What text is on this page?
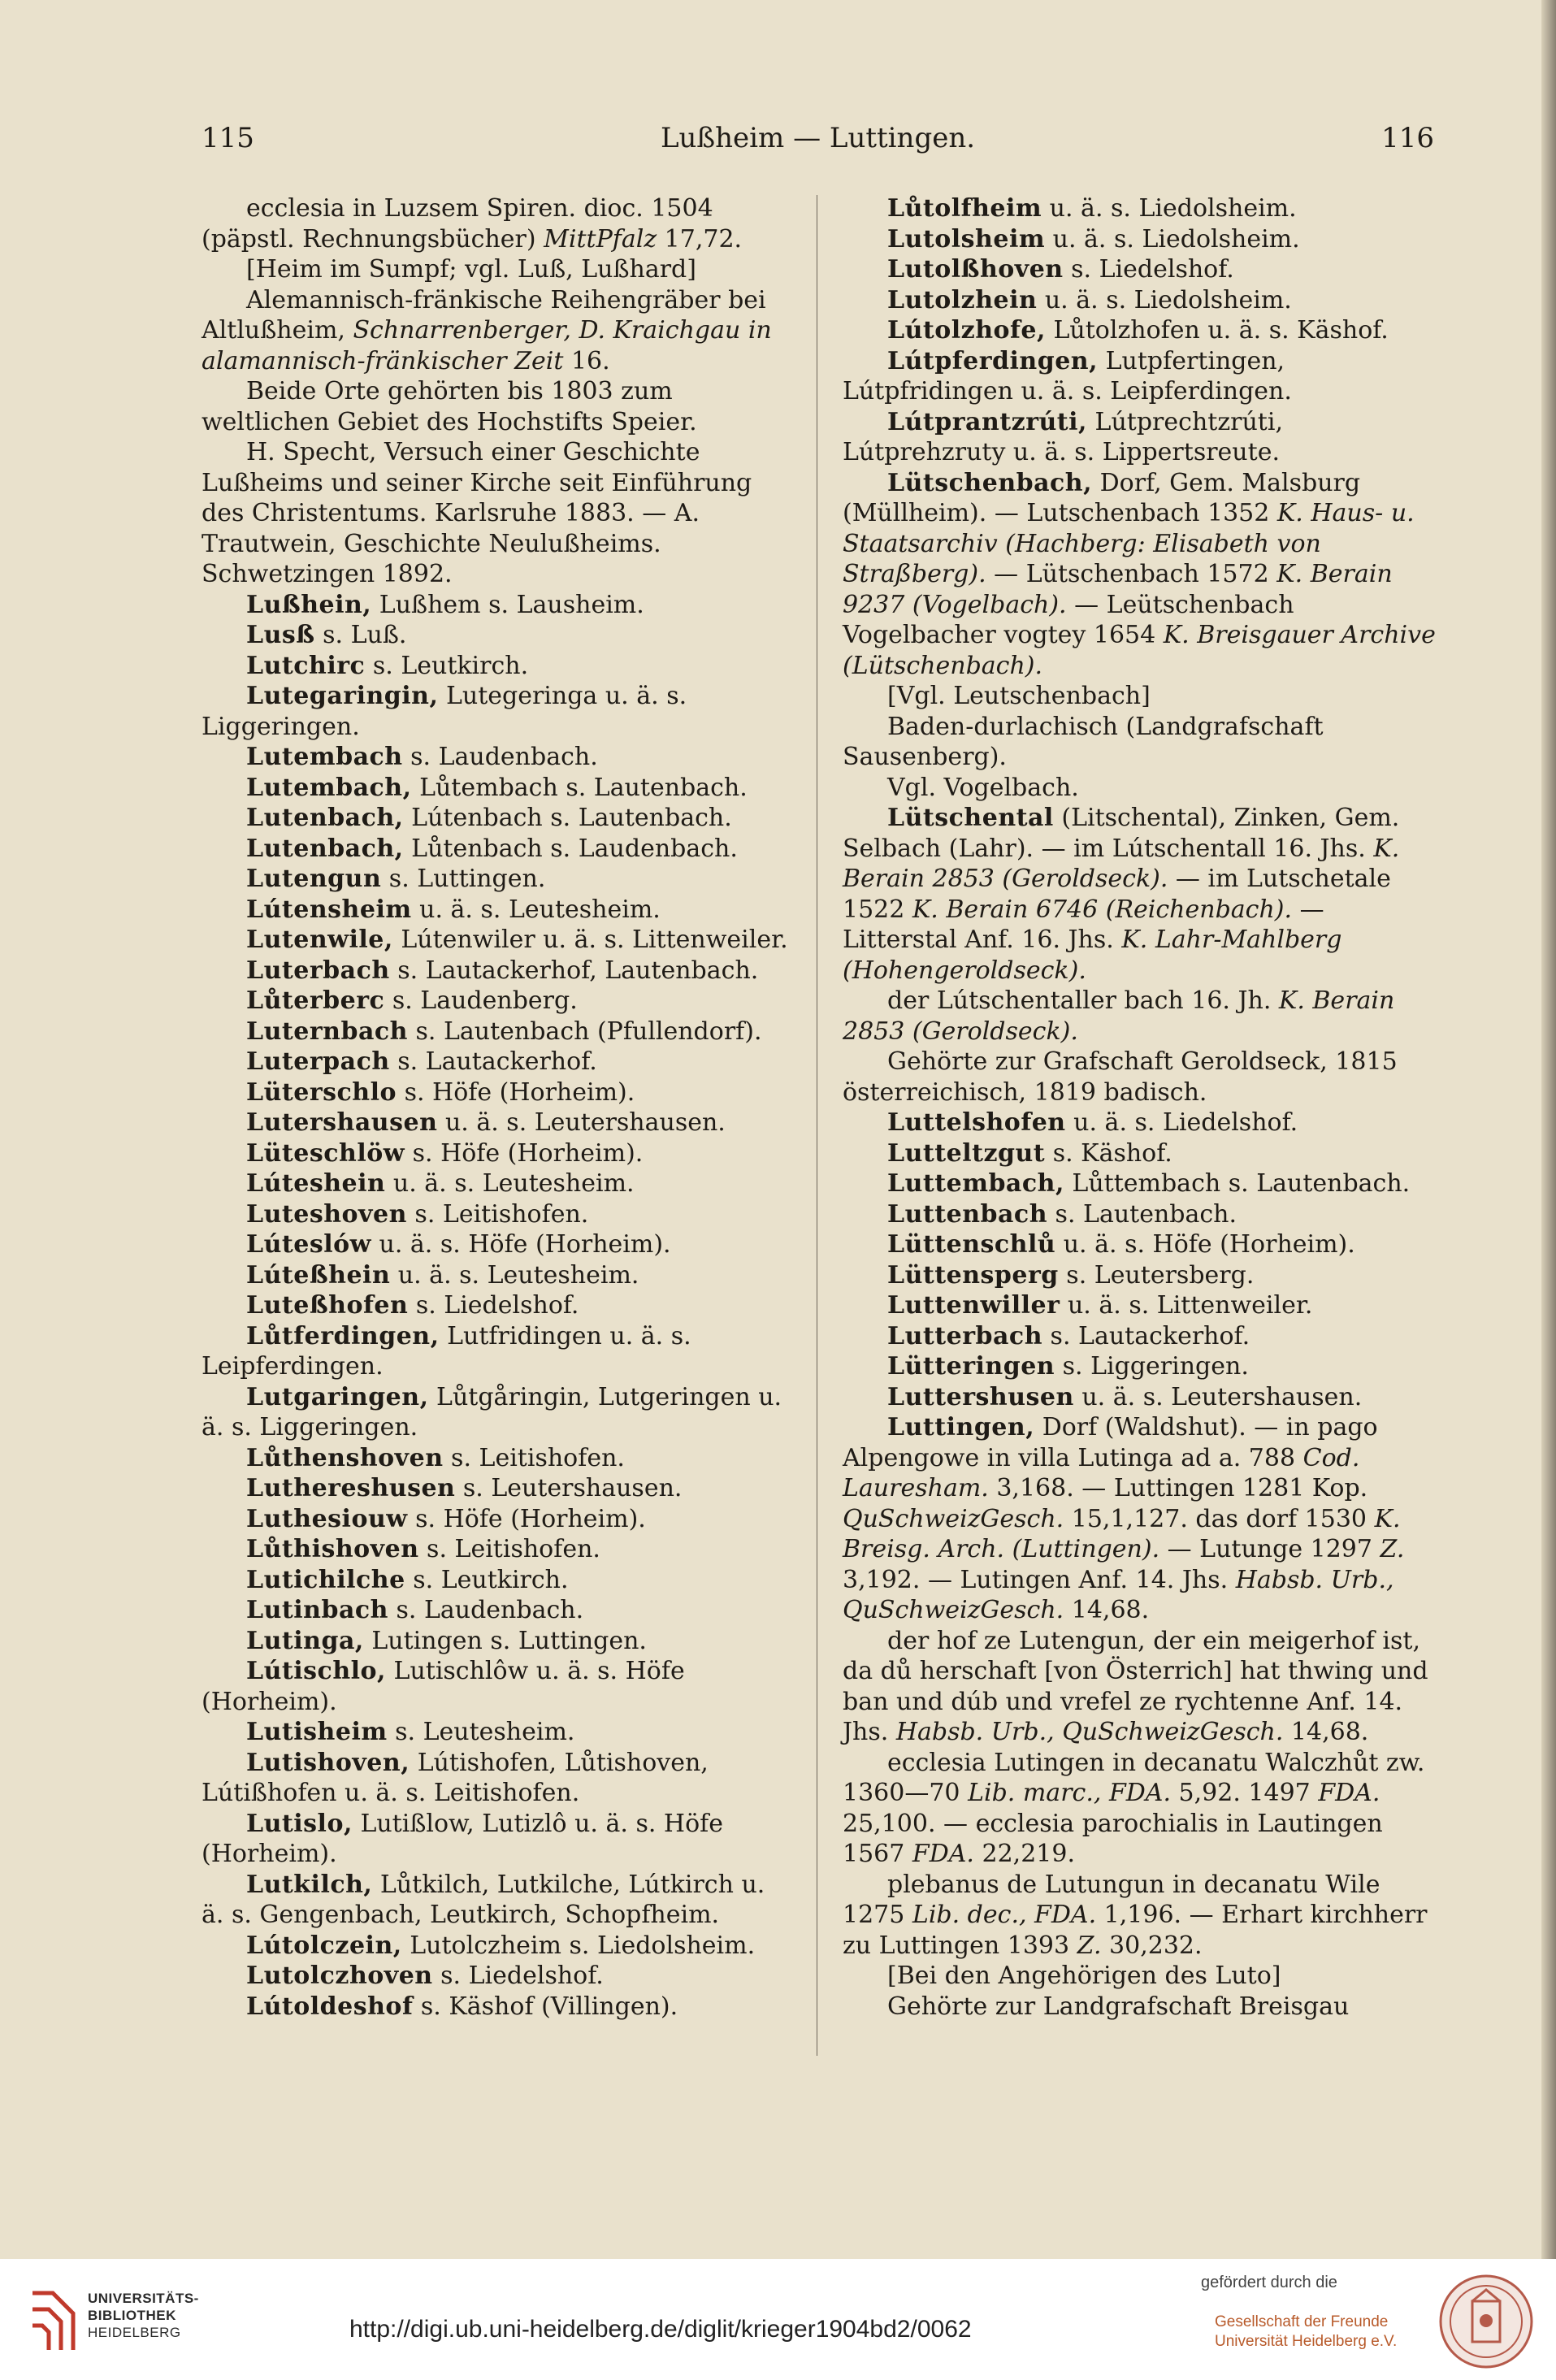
115	Lußheim — Luttingen.	116

ecclesia in Luzsem Spiren. dioc. 1504 (päpstl. Rechnungsbücher) MittPfalz 17,72.

[Heim im Sumpf; vgl. Luß, Lußhard]

Alemannisch-fränkische Reihengräber bei Altlußheim, Schnarrenberger, D. Kraichgau in alamannisch-fränkischer Zeit 16.

Beide Orte gehörten bis 1803 zum weltlichen Gebiet des Hochstifts Speier.

H. Specht, Versuch einer Geschichte Lußheims und seiner Kirche seit Einführung des Christentums. Karlsruhe 1883. — A. Trautwein, Geschichte Neulußheims. Schwetzingen 1892.

Lußhein, Lußhem s. Lausheim.

Lusß s. Luß.

Lutchirc s. Leutkirch.

Lutegaringin, Lutegeringa u. ä. s. Liggeringen.

Lutembach s. Laudenbach.

Lutembach, Lůtembach s. Lautenbach.

Lutenbach, Lútenbach s. Lautenbach.

Lutenbach, Lůtenbach s. Laudenbach.

Lutengun s. Luttingen.

Lútensheim u. ä. s. Leutesheim.

Lutenwile, Lútenwiler u. ä. s. Littenweiler.

Luterbach s. Lautackerhof, Lautenbach.

Lůterberc s. Laudenberg.

Luternbach s. Lautenbach (Pfullendorf).

Luterpach s. Lautackerhof.

Lüterschlo s. Höfe (Horheim).

Lutershausen u. ä. s. Leutershausen.

Lüteschlöw s. Höfe (Horheim).

Lúteshein u. ä. s. Leutesheim.

Luteshoven s. Leitishofen.

Lúteslów u. ä. s. Höfe (Horheim).

Lúteßhein u. ä. s. Leutesheim.

Luteßhofen s. Liedelshof.

Lůtferdingen, Lutfridingen u. ä. s. Leipferdingen.

Lutgaringen, Lůtgåringin, Lutgeringen u. ä. s. Liggeringen.

Lůthenshoven s. Leitishofen.

Luthereshusen s. Leutershausen.

Luthesiouw s. Höfe (Horheim).

Lůthishoven s. Leitishofen.

Lutichilche s. Leutkirch.

Lutinbach s. Laudenbach.

Lutinga, Lutingen s. Luttingen.

Lútischlo, Lutischlôw u. ä. s. Höfe (Horheim).

Lutisheim s. Leutesheim.

Lutishoven, Lútishofen, Lůtishoven, Lútißhofen u. ä. s. Leitishofen.

Lutislo, Lutißlow, Lutizlô u. ä. s. Höfe (Horheim).

Lutkilch, Lůtkilch, Lutkilche, Lútkirch u. ä. s. Gengenbach, Leutkirch, Schopfheim.

Lútolczein, Lutolczheim s. Liedolsheim.

Lutolczhoven s. Liedelshof.

Lútoldeshof s. Käshof (Villingen).

Lůtolfheim u. ä. s. Liedolsheim.

Lutolsheim u. ä. s. Liedolsheim.

Lutolßhoven s. Liedelshof.

Lutolzhein u. ä. s. Liedolsheim.

Lútolzhofe, Lůtolzhofen u. ä. s. Käshof.

Lútpferdingen, Lutpfertingen, Lútpfridingen u. ä. s. Leipferdingen.

Lútprantzrúti, Lútprechtzrúti, Lútprehzruty u. ä. s. Lippertsreute.

Lütschenbach, Dorf, Gem. Malsburg (Müllheim). — Lutschenbach 1352 K. Haus- u. Staatsarchiv (Hachberg: Elisabeth von Straßberg). — Lütschenbach 1572 K. Berain 9237 (Vogelbach). — Leütschenbach Vogelbacher vogtey 1654 K. Breisgauer Archive (Lütschenbach).

[Vgl. Leutschenbach]

Baden-durlachisch (Landgrafschaft Sausenberg).

Vgl. Vogelbach.

Lütschental (Litschental), Zinken, Gem. Selbach (Lahr). — im Lútschentall 16. Jhs. K. Berain 2853 (Geroldseck). — im Lutschetale 1522 K. Berain 6746 (Reichenbach). — Litterstal Anf. 16. Jhs. K. Lahr-Mahlberg (Hohengeroldseck).

der Lútschentaller bach 16. Jh. K. Berain 2853 (Geroldseck).

Gehörte zur Grafschaft Geroldseck, 1815 österreichisch, 1819 badisch.

Luttelshofen u. ä. s. Liedelshof.

Lutteltzgut s. Käshof.

Luttembach, Lůttembach s. Lautenbach.

Luttenbach s. Lautenbach.

Lüttenschlů u. ä. s. Höfe (Horheim).

Lüttensperg s. Leutersberg.

Luttenwiller u. ä. s. Littenweiler.

Lutterbach s. Lautackerhof.

Lütteringen s. Liggeringen.

Luttershusen u. ä. s. Leutershausen.

Luttingen, Dorf (Waldshut). — in pago Alpengowe in villa Lutinga ad a. 788 Cod. Lauresham. 3,168. — Luttingen 1281 Kop. QuSchweizGesch. 15,1,127. das dorf 1530 K. Breisg. Arch. (Luttingen). — Lutunge 1297 Z. 3,192. — Lutingen Anf. 14. Jhs. Habsb. Urb., QuSchweizGesch. 14,68.

der hof ze Lutengun, der ein meigerhof ist, da dů herschaft [von Österrich] hat thwing und ban und dúb und vrefel ze rychtenne Anf. 14. Jhs. Habsb. Urb., QuSchweizGesch. 14,68.

ecclesia Lutingen in decanatu Walczhůt zw. 1360—70 Lib. marc., FDA. 5,92. 1497 FDA. 25,100. — ecclesia parochialis in Lautingen 1567 FDA. 22,219.

plebanus de Lutungun in decanatu Wile 1275 Lib. dec., FDA. 1,196. — Erhart kirchherr zu Luttingen 1393 Z. 30,232.

[Bei den Angehörigen des Luto]

Gehörte zur Landgrafschaft Breisgau

UNIVERSITÄTS-
BIBLIOTHEK
HEIDELBERG	http://digi.ub.uni-heidelberg.de/diglit/krieger1904bd2/0062
gefördert durch die
Gesellschaft der Freunde
Universität Heidelberg e.V.
